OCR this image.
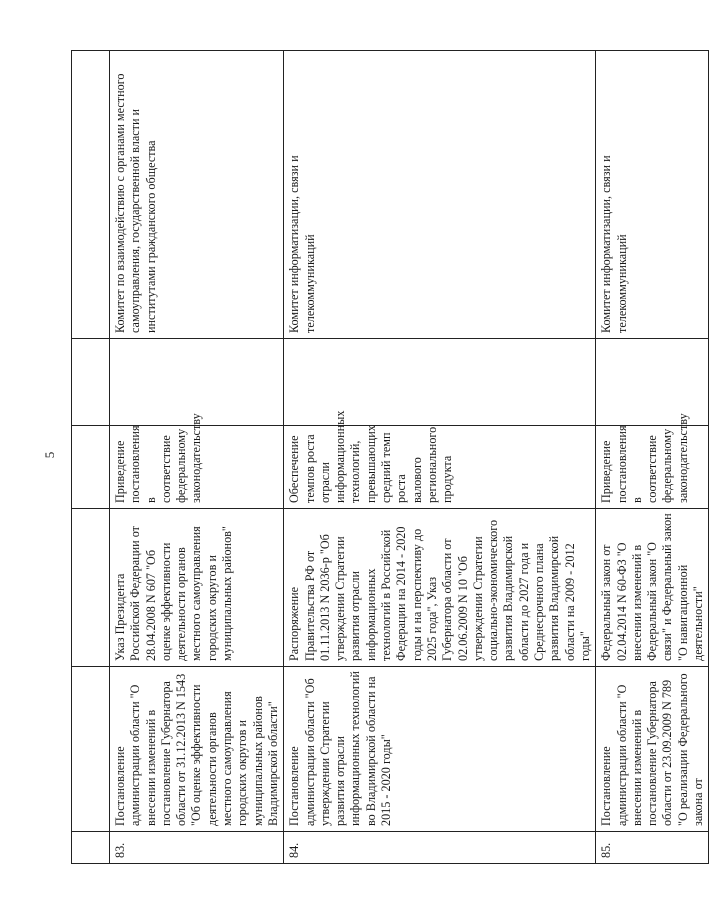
5

83.	Постановление администрации области "О внесении изменений в постановление Губернатора области от 31.12.2013 N 1543 "Об оценке эффективности деятельности органов местного самоуправления городских округов и муниципальных районов Владимирской области"	Указ Президента Российской Федерации от 28.04.2008 N 607 "Об оценке эффективности деятельности органов местного самоуправления городских округов и муниципальных районов"	Приведение постановления в соответствие федеральному законодательству		Комитет по взаимодействию с органами местного самоуправления, государственной власти и институтами гражданского общества
84.	Постановление администрации области "Об утверждении Стратегии развития отрасли информационных технологий во Владимирской области на 2015 - 2020 годы"	Распоряжение Правительства РФ от 01.11.2013 N 2036-р "Об утверждении Стратегии развития отрасли информационных технологий в Российской Федерации на 2014 - 2020 годы и на перспективу до 2025 года", Указ Губернатора области от 02.06.2009 N 10 "Об утверждении Стратегии социально-экономического развития Владимирской области до 2027 года и Среднесрочного плана развития Владимирской области на 2009 - 2012 годы"	Обеспечение темпов роста отрасли информационных технологий, превышающих средний темп роста валового регионального продукта		Комитет информатизации, связи и телекоммуникаций
85.	Постановление администрации области "О внесении изменений в постановление Губернатора области от 23.09.2009 N 789 "О реализации Федерального закона от	Федеральный закон от 02.04.2014 N 60-ФЗ "О внесении изменений в Федеральный закон "О связи" и Федеральный закон "О навигационной деятельности"	Приведение постановления в соответствие федеральному законодательству		Комитет информатизации, связи и телекоммуникаций
